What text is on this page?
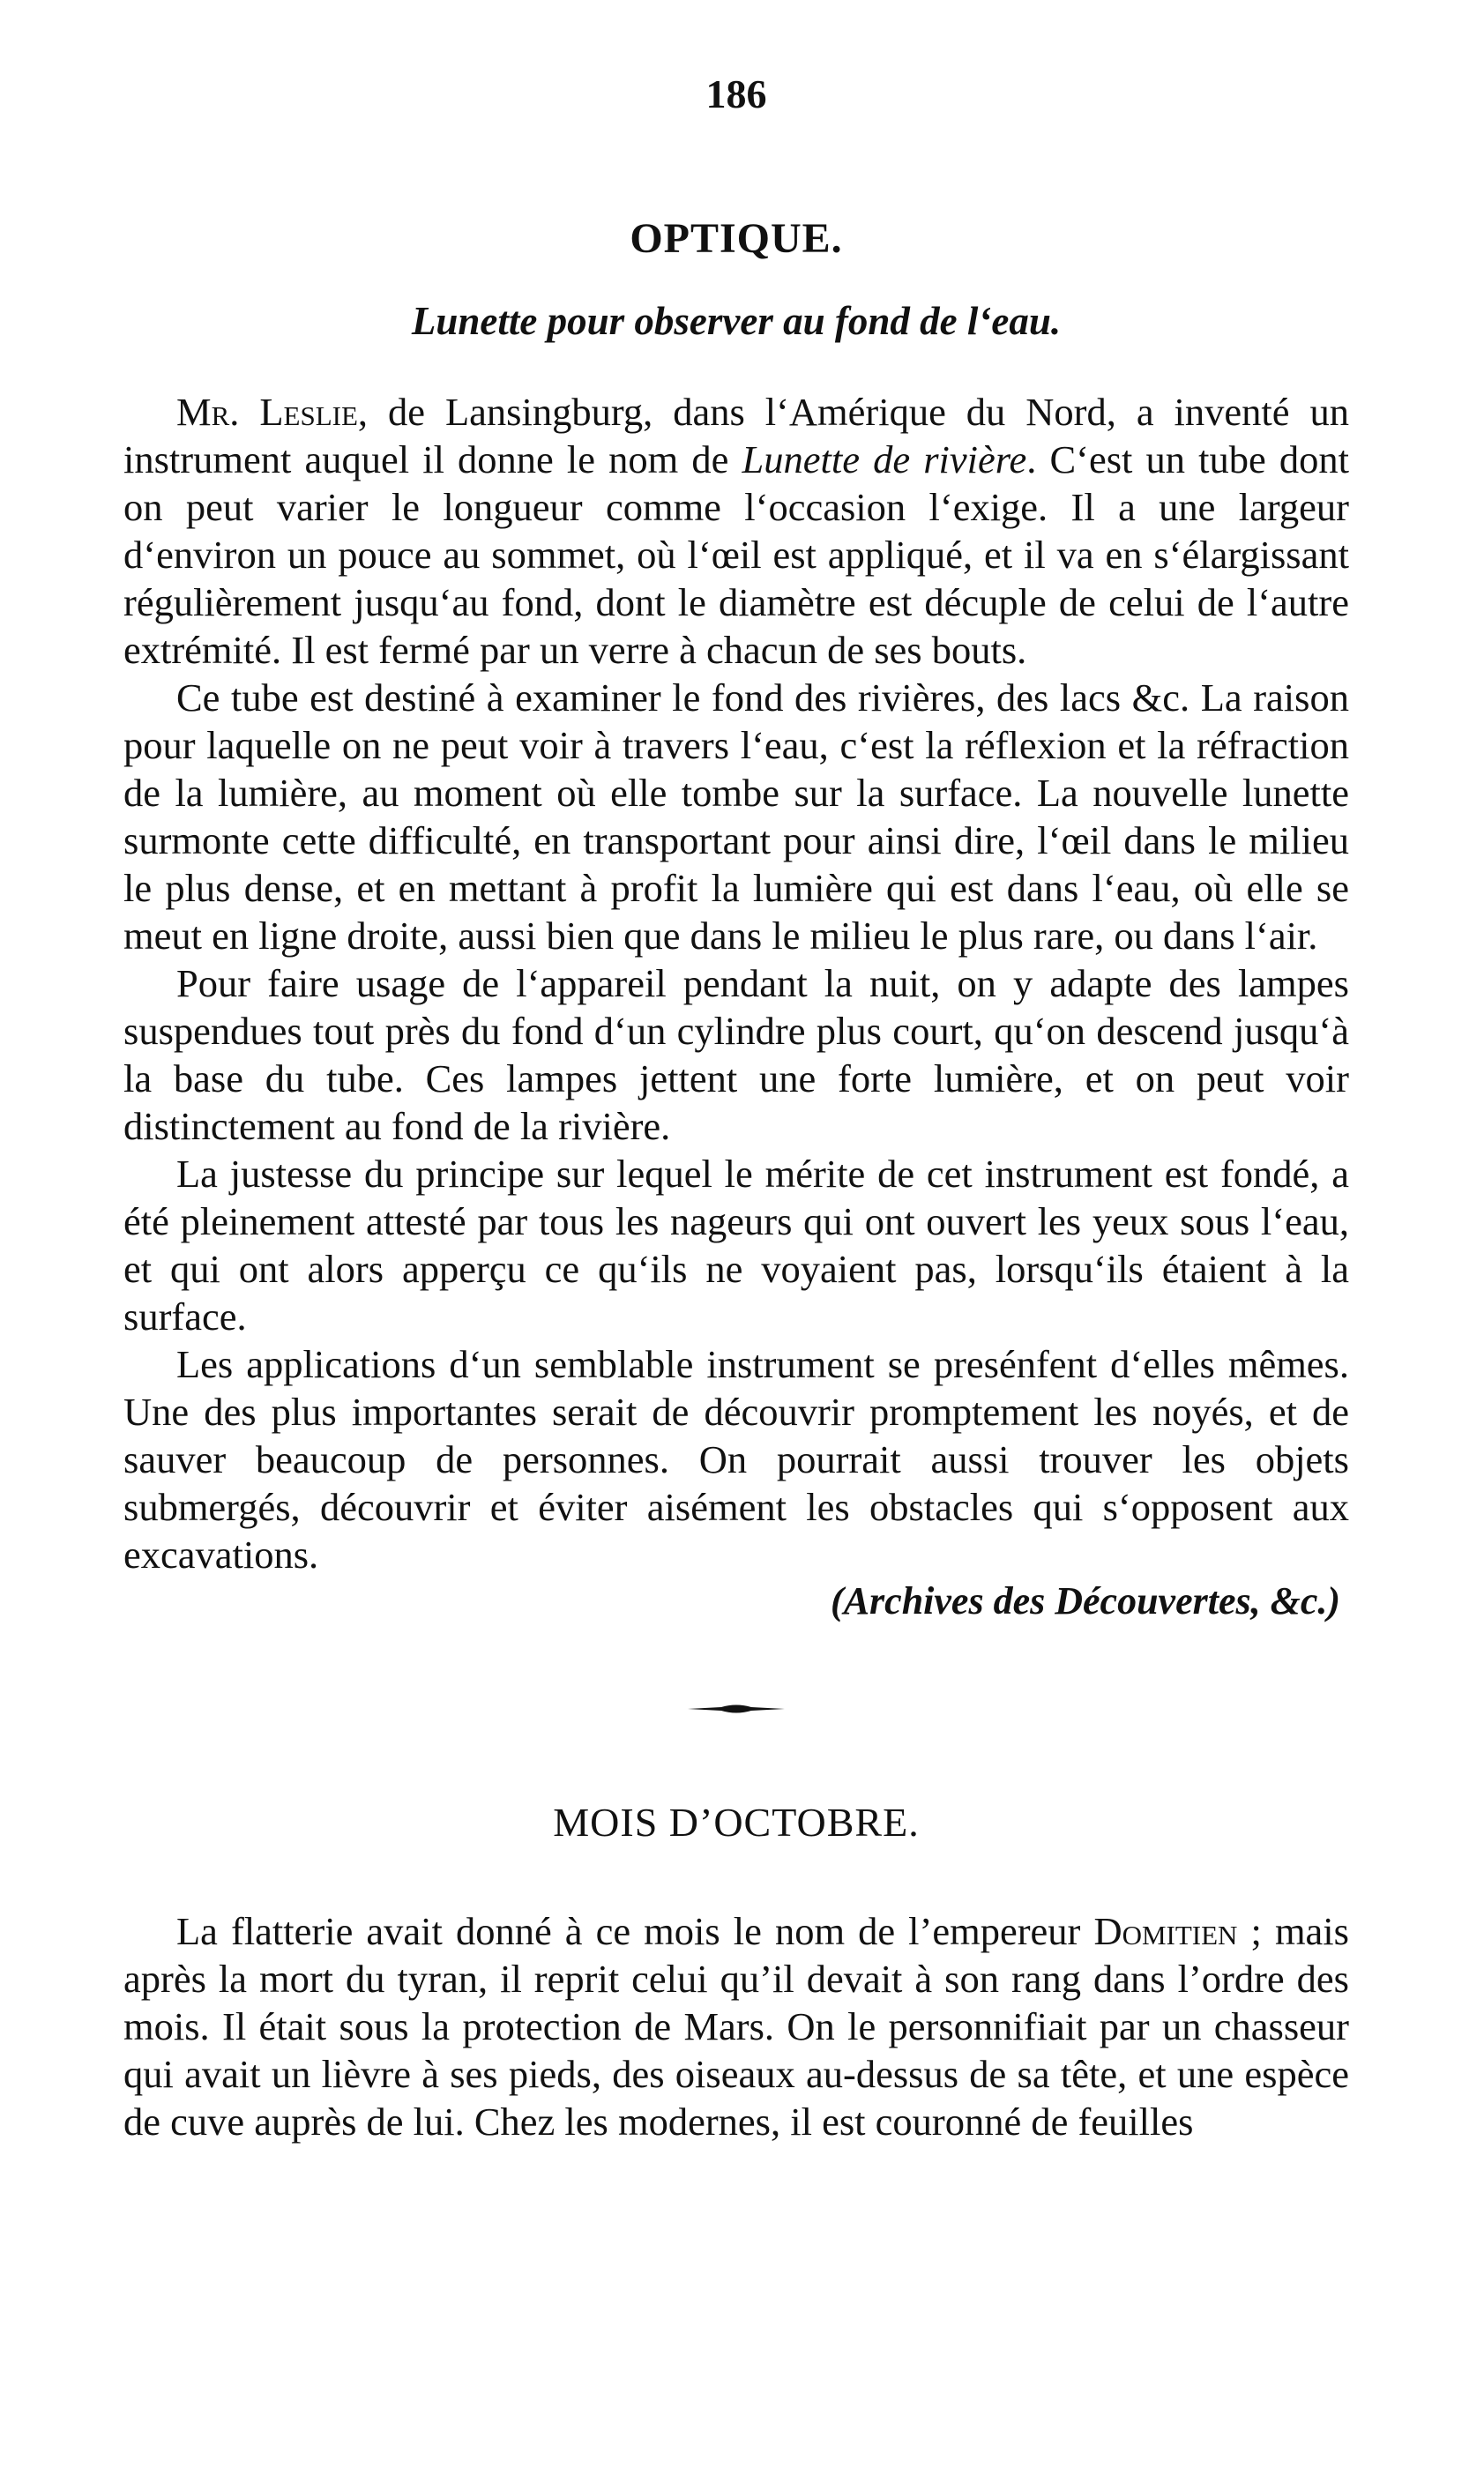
186
OPTIQUE.
Lunette pour observer au fond de l‘eau.

Mr. Leslie, de Lansingburg, dans l‘Amérique du Nord, a inventé un instrument auquel il donne le nom de Lunette de rivière. C‘est un tube dont on peut varier le longueur comme l‘occasion l‘exige. Il a une largeur d‘environ un pouce au sommet, où l‘œil est appliqué, et il va en s‘élargissant régulièrement jusqu‘au fond, dont le diamètre est décuple de celui de l‘autre extrémité. Il est fermé par un verre à chacun de ses bouts.

Ce tube est destiné à examiner le fond des rivières, des lacs &c. La raison pour laquelle on ne peut voir à travers l‘eau, c‘est la réflexion et la réfraction de la lumière, au moment où elle tombe sur la surface. La nouvelle lunette surmonte cette difficulté, en transportant pour ainsi dire, l‘œil dans le milieu le plus dense, et en mettant à profit la lumière qui est dans l‘eau, où elle se meut en ligne droite, aussi bien que dans le milieu le plus rare, ou dans l‘air.

Pour faire usage de l‘appareil pendant la nuit, on y adapte des lampes suspendues tout près du fond d‘un cylindre plus court, qu‘on descend jusqu‘à la base du tube. Ces lampes jettent une forte lumière, et on peut voir distinctement au fond de la rivière.

La justesse du principe sur lequel le mérite de cet instrument est fondé, a été pleinement attesté par tous les nageurs qui ont ouvert les yeux sous l‘eau, et qui ont alors apperçu ce qu‘ils ne voyaient pas, lorsqu‘ils étaient à la surface.

Les applications d‘un semblable instrument se presénfent d‘elles mêmes. Une des plus importantes serait de découvrir promptement les noyés, et de sauver beaucoup de personnes. On pourrait aussi trouver les objets submergés, découvrir et éviter aisément les obstacles qui s‘opposent aux excavations.

(Archives des Découvertes, &c.)
MOIS D’OCTOBRE.

La flatterie avait donné à ce mois le nom de l’empereur Domitien ; mais après la mort du tyran, il reprit celui qu’il devait à son rang dans l’ordre des mois. Il était sous la protection de Mars. On le personnifiait par un chasseur qui avait un lièvre à ses pieds, des oiseaux au-dessus de sa tête, et une espèce de cuve auprès de lui. Chez les modernes, il est couronné de feuilles
